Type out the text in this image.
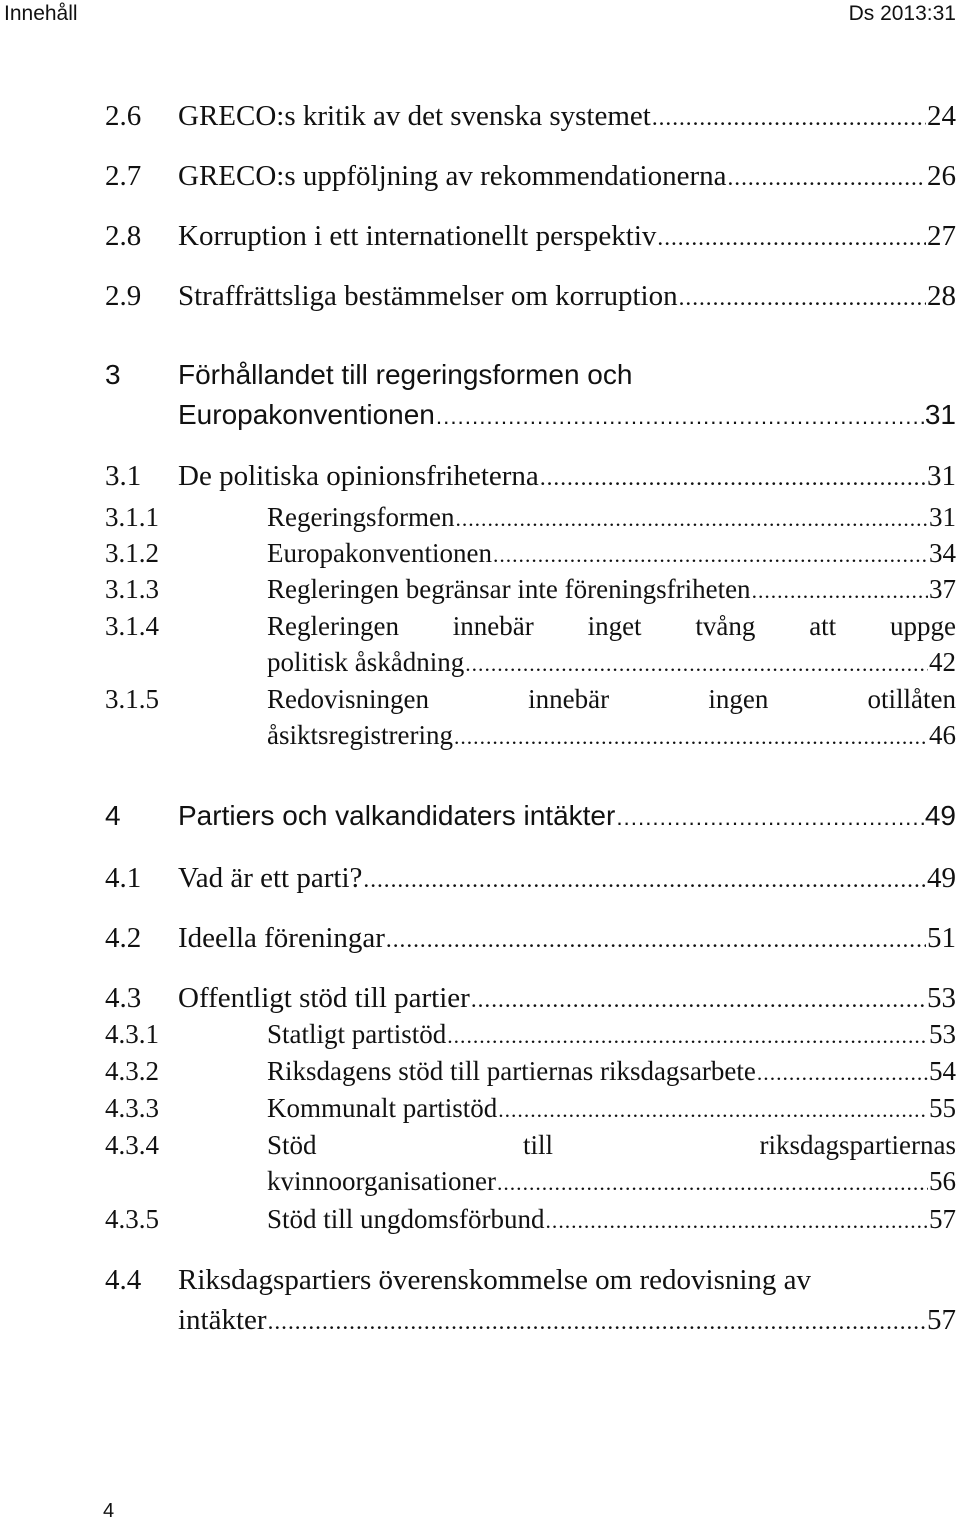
Innehåll	Ds 2013:31
2.6	GRECO:s kritik av det svenska systemet .....	24
2.7	GRECO:s uppföljning av rekommendationerna .....	26
2.8	Korruption i ett internationellt perspektiv .....	27
2.9	Straffrättsliga bestämmelser om korruption .....	28
3	Förhållandet till regeringsformen och
Europakonventionen .....	31
3.1	De politiska opinionsfriheterna .....	31
3.1.1	Regeringsformen .....	31
3.1.2	Europakonventionen .....	34
3.1.3	Regleringen begränsar inte föreningsfriheten .....	37
3.1.4	Regleringen innebär inget tvång att uppge
politisk åskådning .....	42
3.1.5	Redovisningen innebär ingen otillåten
åsiktsregistrering .....	46
4	Partiers och valkandidaters intäkter .....	49
4.1	Vad är ett parti? .....	49
4.2	Ideella föreningar .....	51
4.3	Offentligt stöd till partier .....	53
4.3.1	Statligt partistöd .....	53
4.3.2	Riksdagens stöd till partiernas riksdagsarbete .....	54
4.3.3	Kommunalt partistöd .....	55
4.3.4	Stöd till riksdagspartiernas
kvinnoorganisationer .....	56
4.3.5	Stöd till ungdomsförbund .....	57
4.4	Riksdagspartiers överenskommelse om redovisning av
intäkter .....	57
4
